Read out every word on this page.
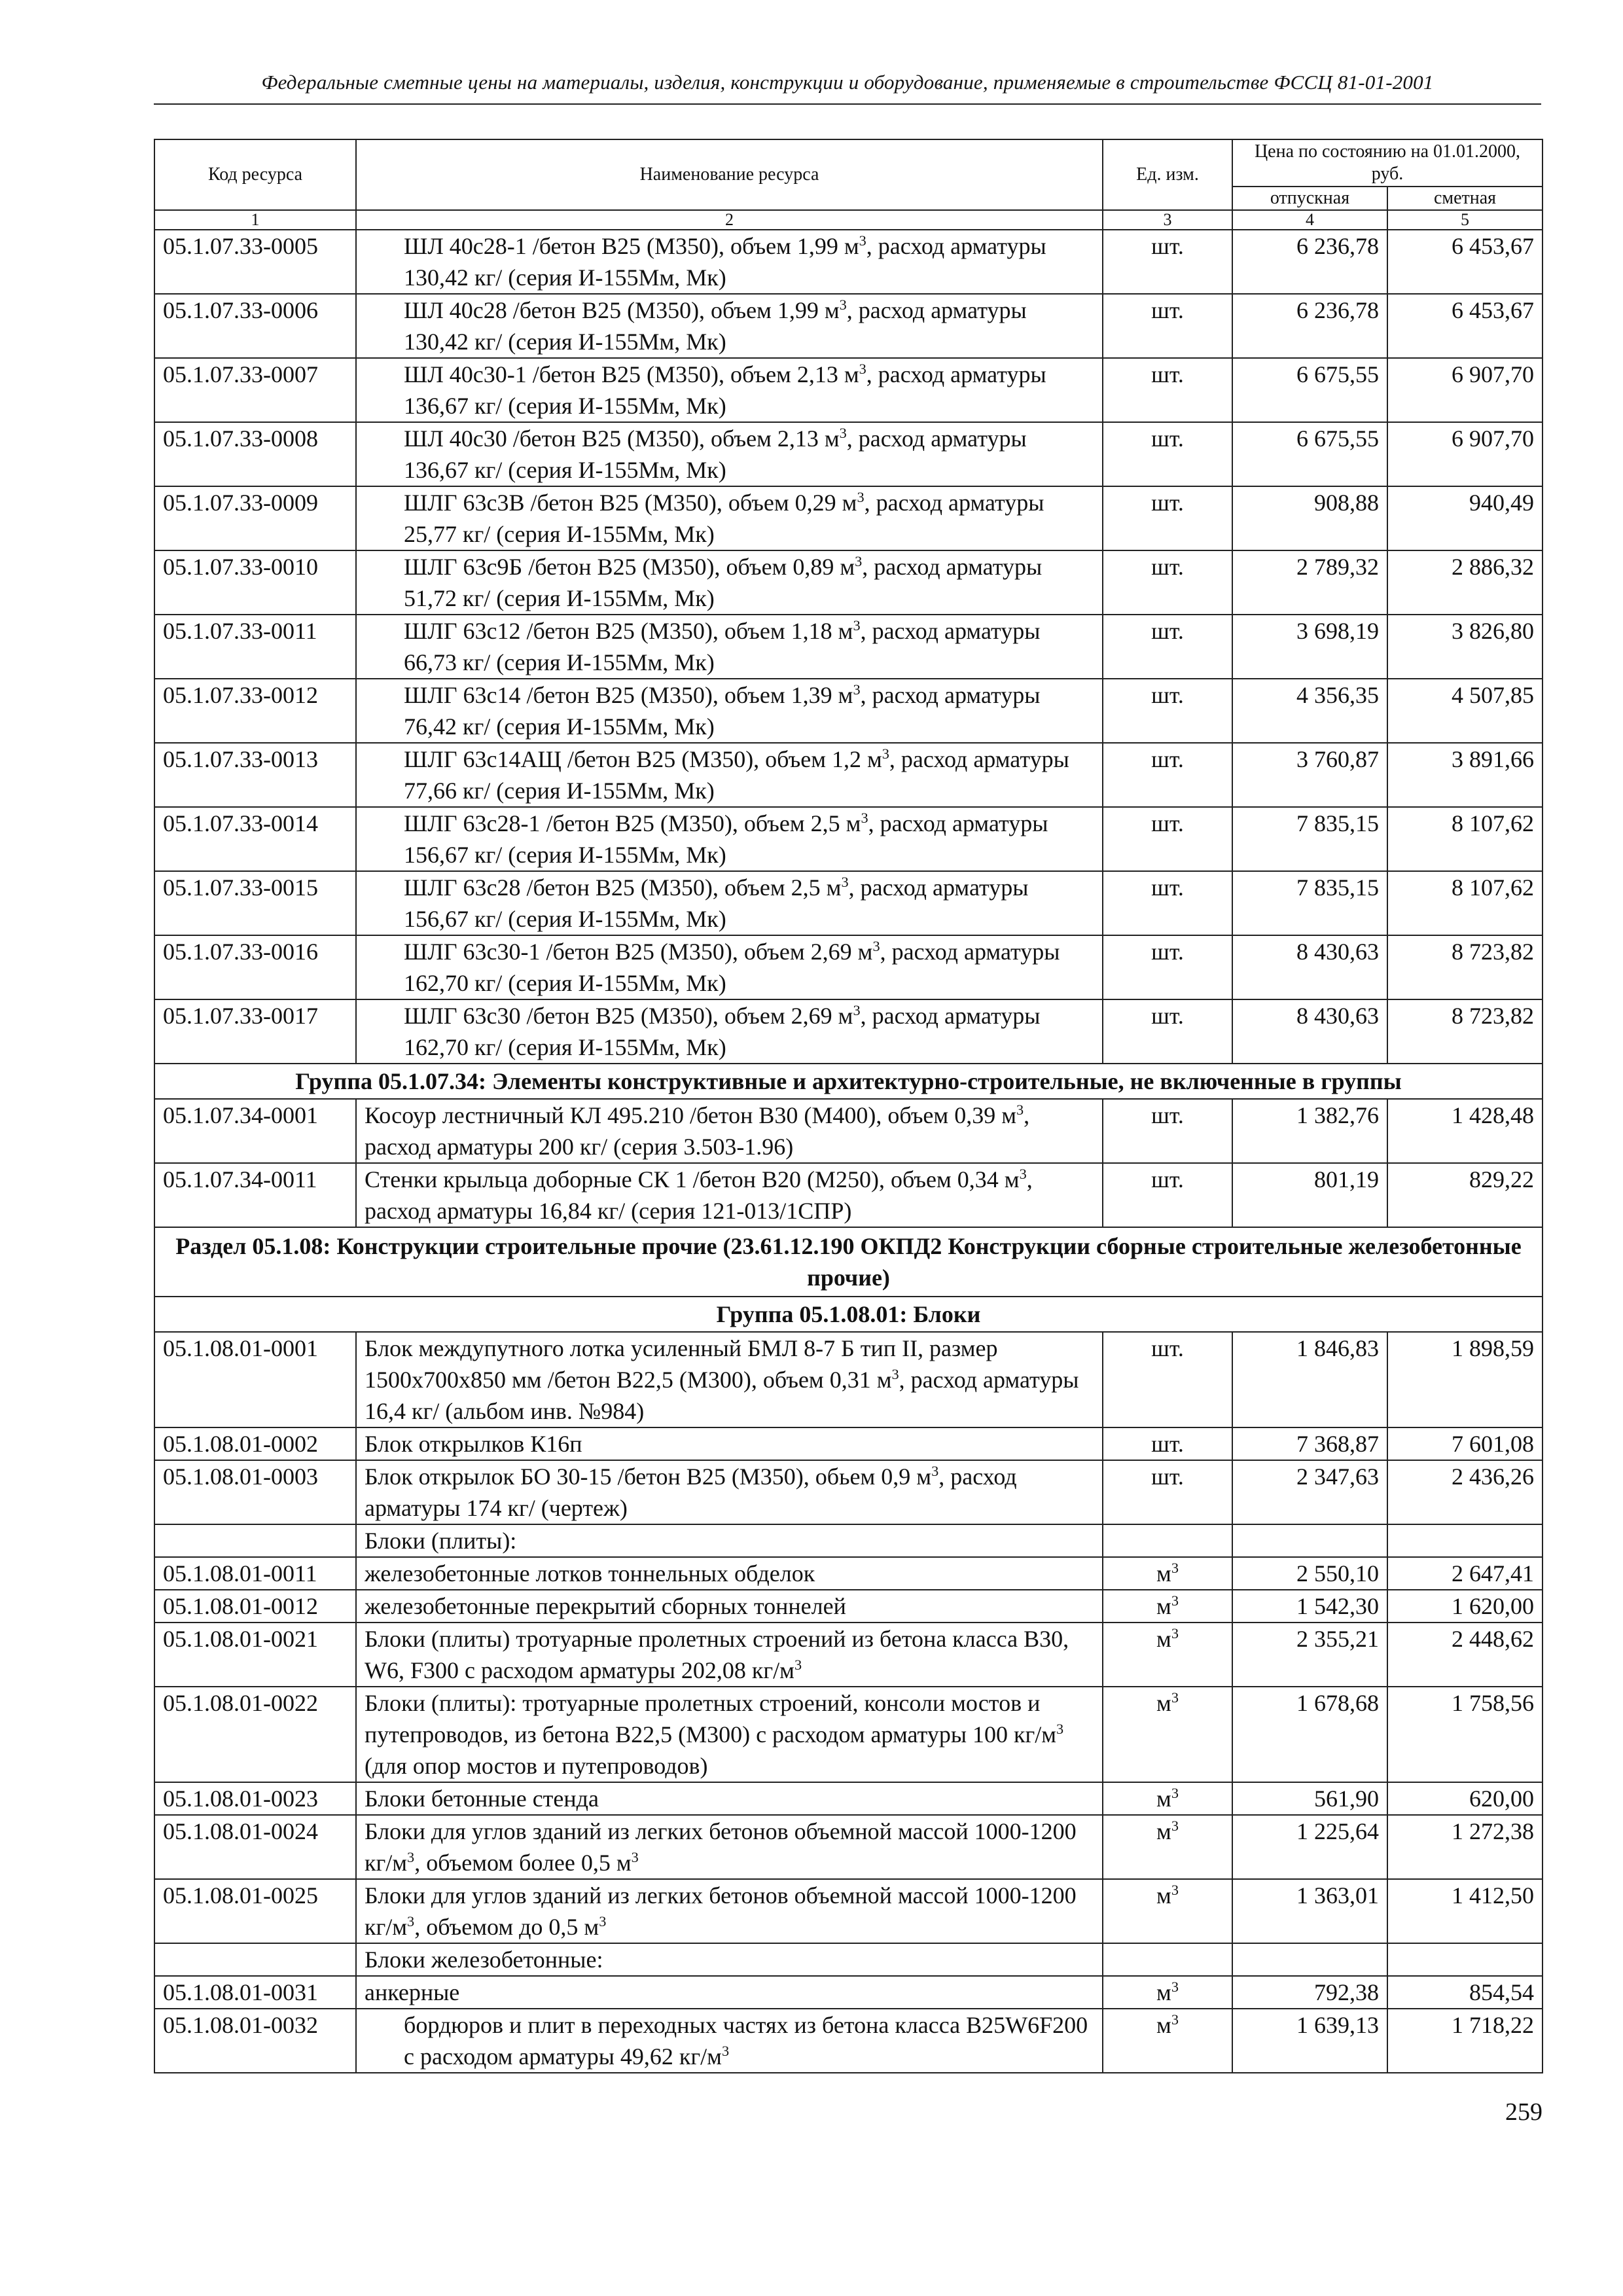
Федеральные сметные цены на материалы, изделия, конструкции и оборудование, применяемые в строительстве ФССЦ 81-01-2001
Код ресурса	Наименование ресурса	Ед. изм.	Цена по состоянию на 01.01.2000, руб.	
			отпускная	сметная
1	2	3	4	5
05.1.07.33-0005	ШЛ 40с28-1 /бетон В25 (М350), объем 1,99 $м^3$, расход арматуры 130,42 кг/ (серия И-155Мм, Мк)	шт.	6 236,78	6 453,67
05.1.07.33-0006	ШЛ 40с28 /бетон В25 (М350), объем 1,99 $м^3$, расход арматуры 130,42 кг/ (серия И-155Мм, Мк)	шт.	6 236,78	6 453,67
05.1.07.33-0007	ШЛ 40с30-1 /бетон В25 (М350), объем 2,13 $м^3$, расход арматуры 136,67 кг/ (серия И-155Мм, Мк)	шт.	6 675,55	6 907,70
05.1.07.33-0008	ШЛ 40с30 /бетон В25 (М350), объем 2,13 $м^3$, расход арматуры 136,67 кг/ (серия И-155Мм, Мк)	шт.	6 675,55	6 907,70
05.1.07.33-0009	ШЛГ 63с3В /бетон В25 (М350), объем 0,29 $м^3$, расход арматуры 25,77 кг/ (серия И-155Мм, Мк)	шт.	908,88	940,49
05.1.07.33-0010	ШЛГ 63с9Б /бетон В25 (М350), объем 0,89 $м^3$, расход арматуры 51,72 кг/ (серия И-155Мм, Мк)	шт.	2 789,32	2 886,32
05.1.07.33-0011	ШЛГ 63с12 /бетон В25 (М350), объем 1,18 $м^3$, расход арматуры 66,73 кг/ (серия И-155Мм, Мк)	шт.	3 698,19	3 826,80
05.1.07.33-0012	ШЛГ 63с14 /бетон В25 (М350), объем 1,39 $м^3$, расход арматуры 76,42 кг/ (серия И-155Мм, Мк)	шт.	4 356,35	4 507,85
05.1.07.33-0013	ШЛГ 63с14АЩ /бетон В25 (М350), объем 1,2 $м^3$, расход арматуры 77,66 кг/ (серия И-155Мм, Мк)	шт.	3 760,87	3 891,66
05.1.07.33-0014	ШЛГ 63с28-1 /бетон В25 (М350), объем 2,5 $м^3$, расход арматуры 156,67 кг/ (серия И-155Мм, Мк)	шт.	7 835,15	8 107,62
05.1.07.33-0015	ШЛГ 63с28 /бетон В25 (М350), объем 2,5 $м^3$, расход арматуры 156,67 кг/ (серия И-155Мм, Мк)	шт.	7 835,15	8 107,62
05.1.07.33-0016	ШЛГ 63с30-1 /бетон В25 (М350), объем 2,69 $м^3$, расход арматуры 162,70 кг/ (серия И-155Мм, Мк)	шт.	8 430,63	8 723,82
05.1.07.33-0017	ШЛГ 63с30 /бетон В25 (М350), объем 2,69 $м^3$, расход арматуры 162,70 кг/ (серия И-155Мм, Мк)	шт.	8 430,63	8 723,82
Группа 05.1.07.34: Элементы конструктивные и архитектурно-строительные, не включенные в группы				
05.1.07.34-0001	Косоур лестничный КЛ 495.210 /бетон В30 (М400), объем 0,39 $м^3$, расход арматуры 200 кг/ (серия 3.503-1.96)	шт.	1 382,76	1 428,48
05.1.07.34-0011	Стенки крыльца доборные СК 1 /бетон В20 (М250), объем 0,34 $м^3$, расход арматуры 16,84 кг/ (серия 121-013/1СПР)	шт.	801,19	829,22
Раздел 05.1.08: Конструкции строительные прочие (23.61.12.190 ОКПД2 Конструкции сборные строительные железобетонные прочие)				
Группа 05.1.08.01: Блоки				
05.1.08.01-0001	Блок междупутного лотка усиленный БМЛ 8-7 Б тип II, размер 1500х700х850 мм /бетон В22,5 (М300), объем 0,31 $м^3$, расход арматуры 16,4 кг/ (альбом инв. №984)	шт.	1 846,83	1 898,59
05.1.08.01-0002	Блок открылков К16п	шт.	7 368,87	7 601,08
05.1.08.01-0003	Блок открылок БО 30-15 /бетон В25 (М350), обьем 0,9 $м^3$, расход арматуры 174 кг/ (чертеж)	шт.	2 347,63	2 436,26
	Блоки (плиты):			
05.1.08.01-0011	железобетонные лотков тоннельных обделок	$м^3$	2 550,10	2 647,41
05.1.08.01-0012	железобетонные перекрытий сборных тоннелей	$м^3$	1 542,30	1 620,00
05.1.08.01-0021	Блоки (плиты) тротуарные пролетных строений из бетона класса В30, W6, F300 с расходом арматуры 202,08 $кг/м^3$	$м^3$	2 355,21	2 448,62
05.1.08.01-0022	Блоки (плиты): тротуарные пролетных строений, консоли мостов и путепроводов, из бетона В22,5 (М300) с расходом арматуры 100 $кг/м^3$ (для опор мостов и путепроводов)	$м^3$	1 678,68	1 758,56
05.1.08.01-0023	Блоки бетонные стенда	$м^3$	561,90	620,00
05.1.08.01-0024	Блоки для углов зданий из легких бетонов объемной массой 1000-1200 $кг/м^3$, объемом более 0,5 $м^3$	$м^3$	1 225,64	1 272,38
05.1.08.01-0025	Блоки для углов зданий из легких бетонов объемной массой 1000-1200 $кг/м^3$, объемом до 0,5 $м^3$	$м^3$	1 363,01	1 412,50
	Блоки железобетонные:			
05.1.08.01-0031	анкерные	$м^3$	792,38	854,54
05.1.08.01-0032	бордюров и плит в переходных частях из бетона класса B25W6F200 с расходом арматуры 49,62 $кг/м^3$	$м^3$	1 639,13	1 718,22
259
